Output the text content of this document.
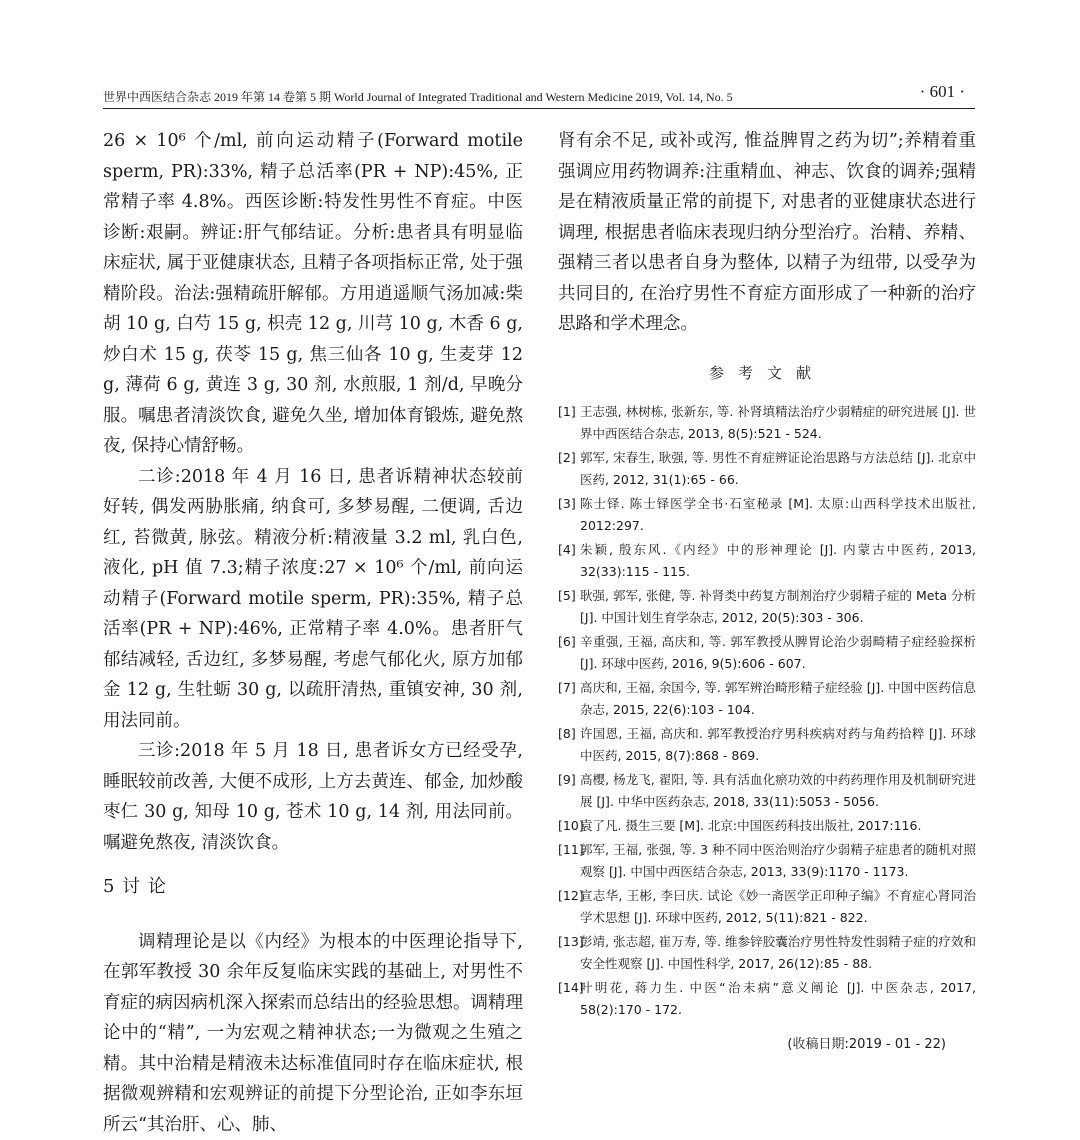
世界中西医结合杂志 2019 年第 14 卷第 5 期 World Journal of Integrated Traditional and Western Medicine 2019, Vol. 14, No. 5	· 601 ·

26 × 10⁶ 个/ml, 前向运动精子(Forward motile sperm, PR):33%, 精子总活率(PR + NP):45%, 正常精子率 4.8%。西医诊断:特发性男性不育症。中医诊断:艰嗣。辨证:肝气郁结证。分析:患者具有明显临床症状, 属于亚健康状态, 且精子各项指标正常, 处于强精阶段。治法:强精疏肝解郁。方用逍遥顺气汤加减:柴胡 10 g, 白芍 15 g, 枳壳 12 g, 川芎 10 g, 木香 6 g, 炒白术 15 g, 茯苓 15 g, 焦三仙各 10 g, 生麦芽 12 g, 薄荷 6 g, 黄连 3 g, 30 剂, 水煎服, 1 剂/d, 早晚分服。嘱患者清淡饮食, 避免久坐, 增加体育锻炼, 避免熬夜, 保持心情舒畅。

二诊:2018 年 4 月 16 日, 患者诉精神状态较前好转, 偶发两胁胀痛, 纳食可, 多梦易醒, 二便调, 舌边红, 苔微黄, 脉弦。精液分析:精液量 3.2 ml, 乳白色, 液化, pH 值 7.3;精子浓度:27 × 10⁶ 个/ml, 前向运动精子(Forward motile sperm, PR):35%, 精子总活率(PR + NP):46%, 正常精子率 4.0%。患者肝气郁结减轻, 舌边红, 多梦易醒, 考虑气郁化火, 原方加郁金 12 g, 生牡蛎 30 g, 以疏肝清热, 重镇安神, 30 剂, 用法同前。

三诊:2018 年 5 月 18 日, 患者诉女方已经受孕, 睡眠较前改善, 大便不成形, 上方去黄连、郁金, 加炒酸枣仁 30 g, 知母 10 g, 苍术 10 g, 14 剂, 用法同前。嘱避免熬夜, 清淡饮食。

5 讨 论

调精理论是以《内经》为根本的中医理论指导下, 在郭军教授 30 余年反复临床实践的基础上, 对男性不育症的病因病机深入探索而总结出的经验思想。调精理论中的“精”, 一为宏观之精神状态;一为微观之生殖之精。其中治精是精液未达标准值同时存在临床症状, 根据微观辨精和宏观辨证的前提下分型论治, 正如李东垣所云“其治肝、心、肺、

肾有余不足, 或补或泻, 惟益脾胃之药为切”;养精着重强调应用药物调养:注重精血、神志、饮食的调养;强精是在精液质量正常的前提下, 对患者的亚健康状态进行调理, 根据患者临床表现归纳分型治疗。治精、养精、强精三者以患者自身为整体, 以精子为纽带, 以受孕为共同目的, 在治疗男性不育症方面形成了一种新的治疗思路和学术理念。

参考文献
[1] 王志强, 林树栋, 张新东, 等. 补肾填精法治疗少弱精症的研究进展 [J]. 世界中西医结合杂志, 2013, 8(5):521 - 524.
[2] 郭军, 宋春生, 耿强, 等. 男性不育症辨证论治思路与方法总结 [J]. 北京中医药, 2012, 31(1):65 - 66.
[3] 陈士铎. 陈士铎医学全书·石室秘录 [M]. 太原:山西科学技术出版社, 2012:297.
[4] 朱颖, 殷东风.《内经》中的形神理论 [J]. 内蒙古中医药, 2013, 32(33):115 - 115.
[5] 耿强, 郭军, 张健, 等. 补肾类中药复方制剂治疗少弱精子症的 Meta 分析 [J]. 中国计划生育学杂志, 2012, 20(5):303 - 306.
[6] 辛重强, 王福, 高庆和, 等. 郭军教授从脾胃论治少弱畸精子症经验探析 [J]. 环球中医药, 2016, 9(5):606 - 607.
[7] 高庆和, 王福, 余国今, 等. 郭军辨治畸形精子症经验 [J]. 中国中医药信息杂志, 2015, 22(6):103 - 104.
[8] 许国恩, 王福, 高庆和. 郭军教授治疗男科疾病对药与角药拾粹 [J]. 环球中医药, 2015, 8(7):868 - 869.
[9] 高樱, 杨龙飞, 翟阳, 等. 具有活血化瘀功效的中药药理作用及机制研究进展 [J]. 中华中医药杂志, 2018, 33(11):5053 - 5056.
[10]
袁了凡. 摄生三要 [M]. 北京:中国医药科技出版社, 2017:116.
[11]
郭军, 王福, 张强, 等. 3 种不同中医治则治疗少弱精子症患者的随机对照观察 [J]. 中国中西医结合杂志, 2013, 33(9):1170 - 1173.
[12]
宣志华, 王彬, 李曰庆. 试论《妙一斋医学正印种子编》不育症心肾同治学术思想 [J]. 环球中医药, 2012, 5(11):821 - 822.
[13]
彭靖, 张志超, 崔万寿, 等. 维参锌胶囊治疗男性特发性弱精子症的疗效和安全性观察 [J]. 中国性科学, 2017, 26(12):85 - 88.
[14]
叶明花, 蒋力生. 中医“治未病”意义阐论 [J]. 中医杂志, 2017, 58(2):170 - 172.
(收稿日期:2019 - 01 - 22)
